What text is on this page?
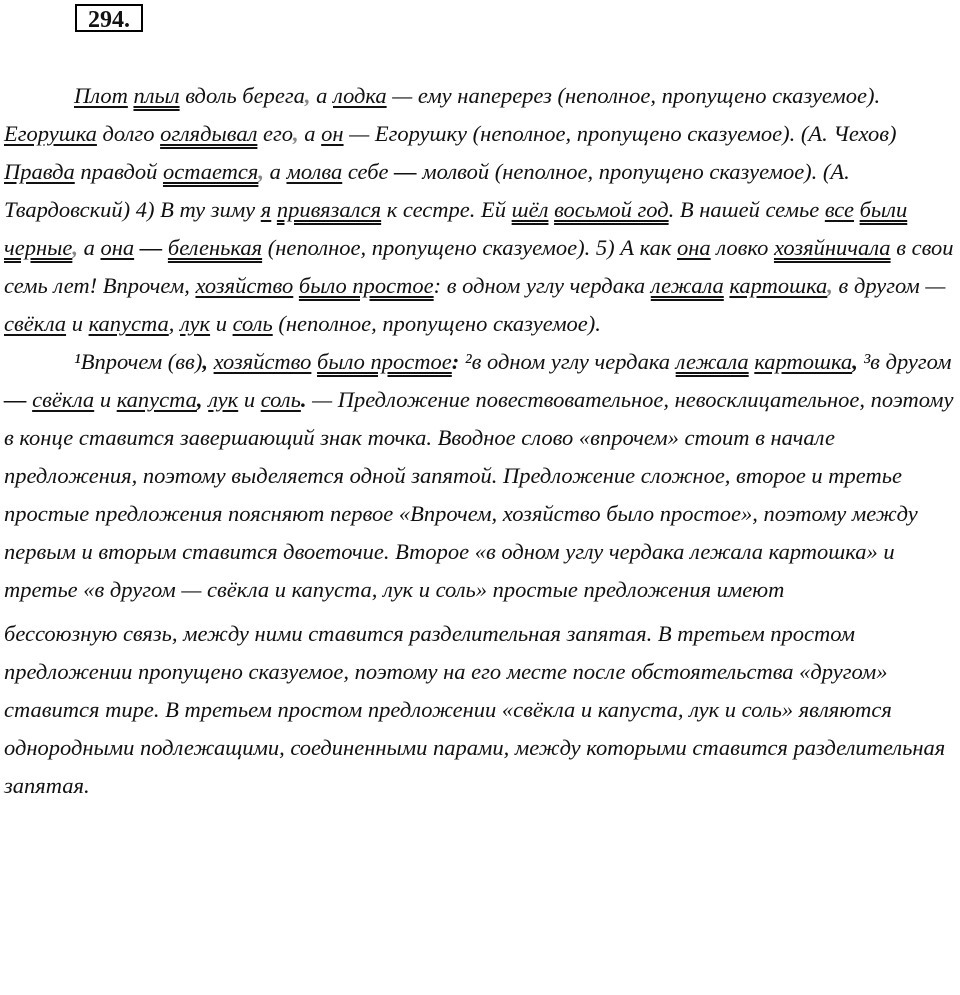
294.

Плот плыл вдоль берега, а лодка — ему наперерез (неполное, пропущено сказуемое). Егорушка долго оглядывал его, а он — Егорушку (неполное, пропущено сказуемое). (А. Чехов) Правда правдой остается, а молва себе — молвой (неполное, пропущено сказуемое). (А. Твардовский) 4) В ту зиму я привязался к сестре. Ей шёл восьмой год. В нашей семье все были черные, а она — беленькая (неполное, пропущено сказуемое). 5) А как она ловко хозяйничала в свои семь лет! Впрочем, хозяйство было простое: в одном углу чердака лежала картошка, в другом — свёкла и капуста, лук и соль (неполное, пропущено сказуемое).

¹Впрочем (вв), хозяйство было простое: ²в одном углу чердака лежала картошка, ³в другом — свёкла и капуста, лук и соль. — Предложение повествовательное, невосклицательное, поэтому в конце ставится завершающий знак точка. Вводное слово «впрочем» стоит в начале предложения, поэтому выделяется одной запятой. Предложение сложное, второе и третье простые предложения поясняют первое «Впрочем, хозяйство было простое», поэтому между первым и вторым ставится двоеточие. Второе «в одном углу чердака лежала картошка» и третье «в другом — свёкла и капуста, лук и соль» простые предложения имеют

бессоюзную связь, между ними ставится разделительная запятая. В третьем простом предложении пропущено сказуемое, поэтому на его месте после обстоятельства «другом» ставится тире. В третьем простом предложении «свёкла и капуста, лук и соль» являются однородными подлежащими, соединенными парами, между которыми ставится разделительная запятая.
